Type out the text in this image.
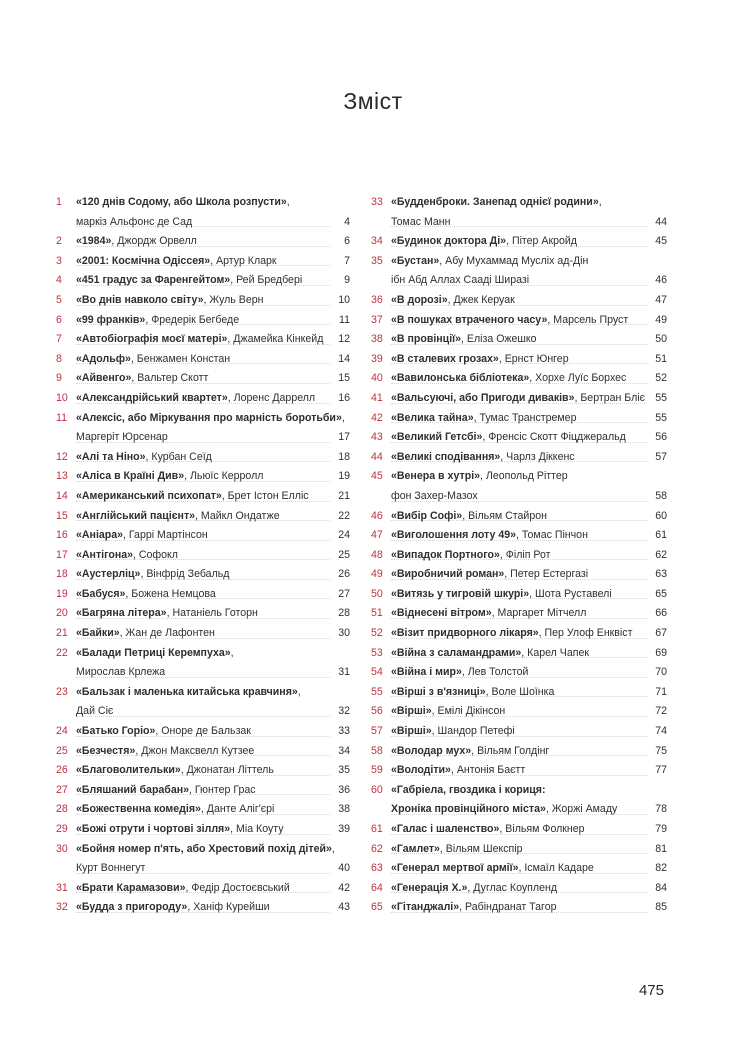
Зміст
1 «120 днів Содому, або Школа розпусти»,
маркіз Альфонс де Сад	4
2 «1984», Джордж Орвелл	6
3 «2001: Космічна Одіссея», Артур Кларк	7
4 «451 градус за Фаренгейтом», Рей Бредбері	9
5 «Во днів навколо світу», Жуль Верн	10
6 «99 франків», Фредерік Бегбеде	11
7 «Автобіографія моєї матері», Джамейка Кінкейд	12
8 «Адольф», Бенжамен Констан	14
9 «Айвенго», Вальтер Скотт	15
10 «Александрійський квартет», Лоренс Даррелл	16
11 «Алексіс, або Міркування про марність боротьби»,
Маргеріт Юрсенар	17
12 «Алі та Ніно», Курбан Сеїд	18
13 «Аліса в Країні Див», Льюїс Керролл	19
14 «Американський психопат», Брет Істон Елліс	21
15 «Англійський пацієнт», Майкл Ондатже	22
16 «Аніара», Гаррі Мартінсон	24
17 «Антігона», Софокл	25
18 «Аустерліц», Вінфрід Зебальд	26
19 «Бабуся», Божена Немцова	27
20 «Багряна літера», Натаніель Готорн	28
21 «Байки», Жан де Лафонтен	30
22 «Балади Петриці Керемпуха»,
Мирослав Крлежа	31
23 «Бальзак і маленька китайська кравчиня»,
Дай Сіє	32
24 «Батько Горіо», Оноре де Бальзак	33
25 «Безчестя», Джон Максвелл Кутзее	34
26 «Благоволительки», Джонатан Літтель	35
27 «Бляшаний барабан», Гюнтер Грас	36
28 «Божественна комедія», Данте Аліг'єрі	38
29 «Божі отрути і чортові зілля», Міа Коуту	39
30 «Бойня номер п'ять, або Хрестовий похід дітей»,
Курт Воннегут	40
31 «Брати Карамазови», Федір Достоєвський	42
32 «Будда з пригороду», Ханіф Курейши	43
33 «Будденброки. Занепад однієї родини»,
Томас Манн	44
34 «Будинок доктора Ді», Пітер Акройд	45
35 «Бустан», Абу Мухаммад Мусліх ад-Дін
ібн Абд Аллах Сааді Ширазі	46
36 «В дорозі», Джек Керуак	47
37 «В пошуках втраченого часу», Марсель Пруст	49
38 «В провінції», Еліза Ожешко	50
39 «В сталевих грозах», Ернст Юнгер	51
40 «Вавилонська бібліотека», Хорхе Луїс Борхес	52
41 «Вальсуючі, або Пригоди диваків», Бертран Бліє 55
42 «Велика тайна», Тумас Транстремер	55
43 «Великий Гетсбі», Френсіс Скотт Фіцджеральд	56
44 «Великі сподівання», Чарлз Діккенс	57
45 «Венера в хутрі», Леопольд Ріттер
фон Захер-Мазох	58
46 «Вибір Софі», Вільям Стайрон	60
47 «Виголошення лоту 49», Томас Пінчон	61
48 «Випадок Портного», Філіп Рот	62
49 «Виробничий роман», Петер Естергазі	63
50 «Витязь у тигровій шкурі», Шота Руставелі	65
51 «Віднесені вітром», Маргарет Мітчелл	66
52 «Візит придворного лікаря», Пер Улоф Енквіст	67
53 «Війна з саламандрами», Карел Чапек	69
54 «Війна і мир», Лев Толстой	70
55 «Вірші з в'язниці», Воле Шоїнка	71
56 «Вірші», Емілі Дікінсон	72
57 «Вірші», Шандор Петефі	74
58 «Володар мух», Вільям Голдінг	75
59 «Володіти», Антонія Баєтт	77
60 «Габріела, гвоздика і кориця:
Хроніка провінційного міста», Жоржі Амаду	78
61 «Галас і шаленство», Вільям Фолкнер	79
62 «Гамлет», Вільям Шекспір	81
63 «Генерал мертвої армії», Ісмаїл Кадаре	82
64 «Генерація Х.», Дуглас Коупленд	84
65 «Гітанджалі», Рабіндранат Тагор	85
475
